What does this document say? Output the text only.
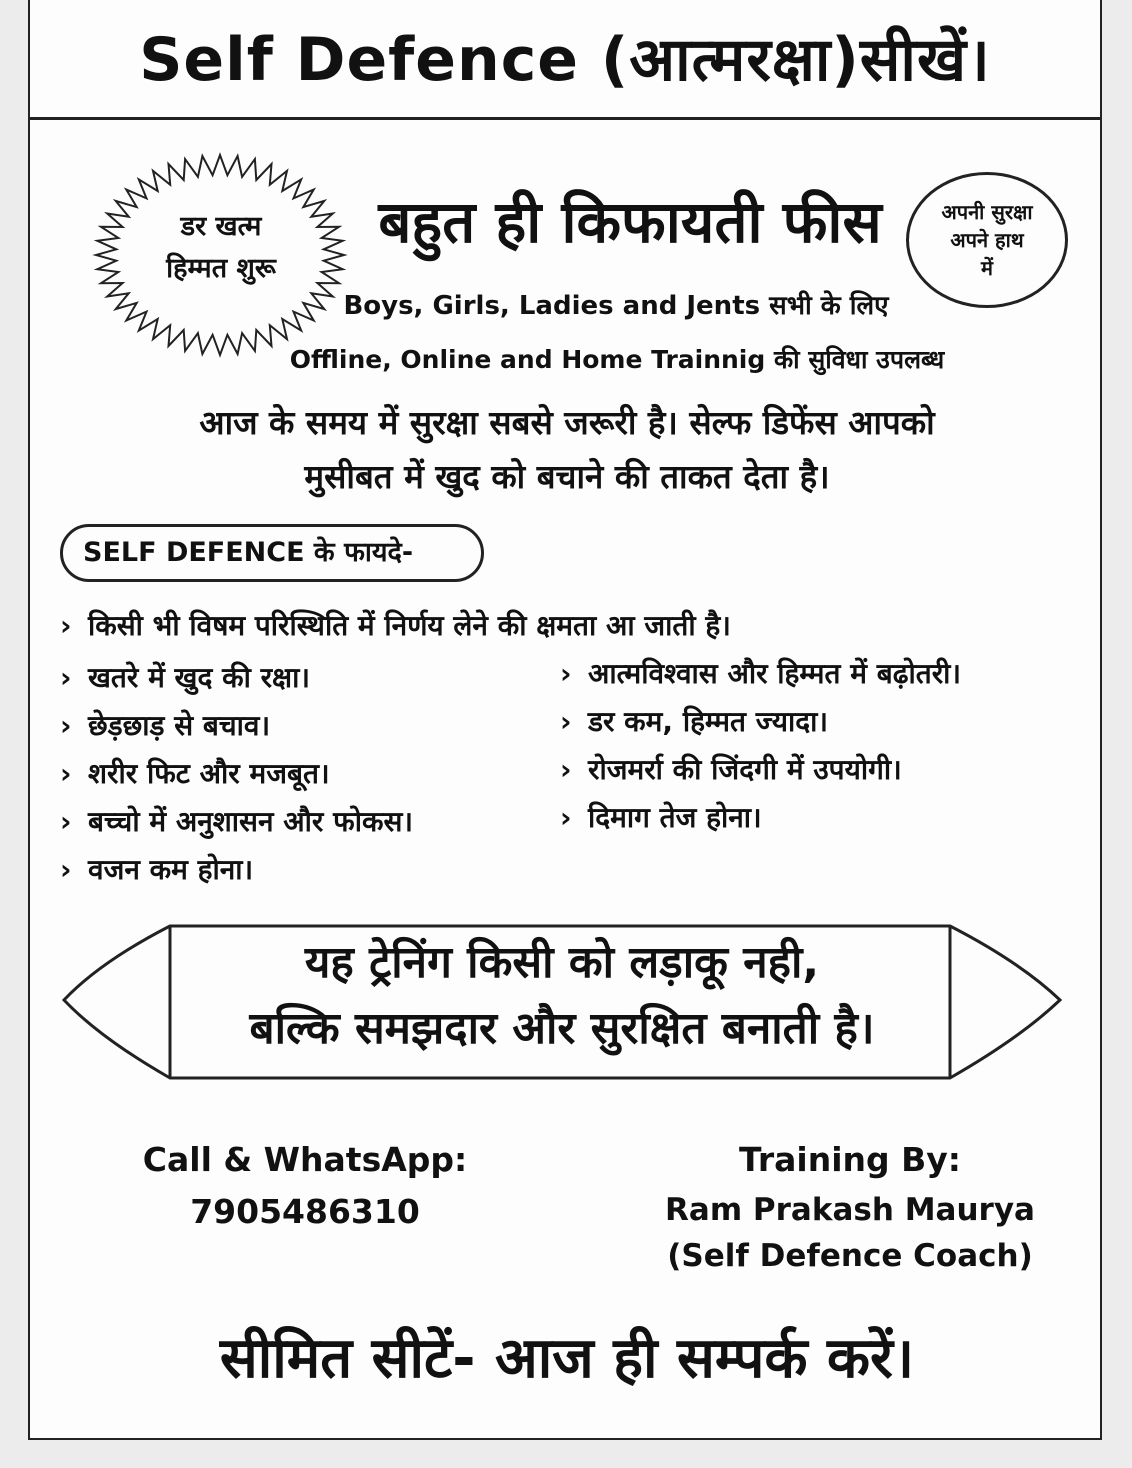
Self Defence (आत्मरक्षा)सीखें।
डर खत्म
हिम्मत शुरू
बहुत ही किफायती फीस	अपनी सुरक्षा
अपने हाथ
में
Boys, Girls, Ladies and Jents सभी के लिए
Offline, Online and Home Trainnig की सुविधा उपलब्ध
आज के समय में सुरक्षा सबसे जरूरी है। सेल्फ डिफेंस आपको
मुसीबत में खुद को बचाने की ताकत देता है।
SELF DEFENCE के फायदे-
› किसी भी विषम परिस्थिति में निर्णय लेने की क्षमता आ जाती है।
› खतरे में खुद की रक्षा।
› छेड़छाड़ से बचाव।
› शरीर फिट और मजबूत।
› बच्चो में अनुशासन और फोकस।
› वजन कम होना।
› आत्मविश्वास और हिम्मत में बढ़ोतरी।
› डर कम, हिम्मत ज्यादा।
› रोजमर्रा की जिंदगी में उपयोगी।
› दिमाग तेज होना।
यह ट्रेनिंग किसी को लड़ाकू नही,
बल्कि समझदार और सुरक्षित बनाती है।
Call & WhatsApp:
7905486310
Training By:
Ram Prakash Maurya
(Self Defence Coach)
सीमित सीटें- आज ही सम्पर्क करें।
